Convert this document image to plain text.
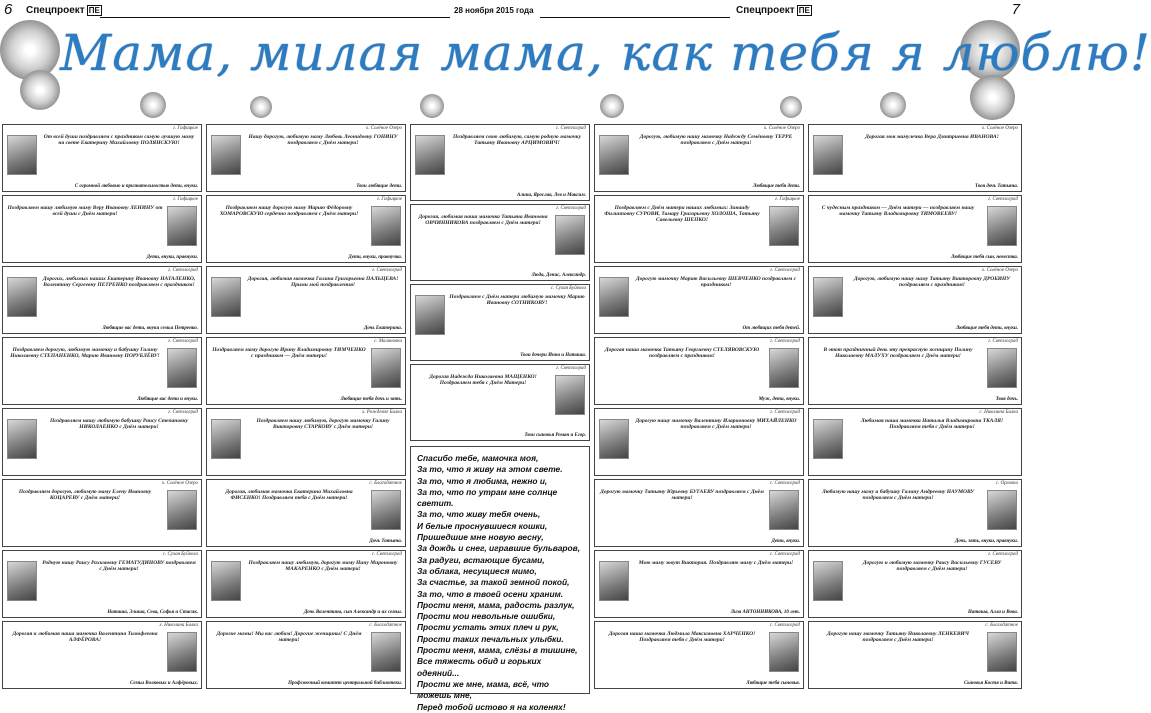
6 Спецпроект ПЕ	28 ноября 2015 года	Спецпроект ПЕ	7
Мама, милая мама, как тебя я люблю!
г. Гафицкое
От всей души поздравляем с праздником самую лучшую маму на свете Екатерину Михайловну ПОЛЯНСКУЮ!
С огромной любовью и признательностью дети, внуки.
г. Гафицкое
Поздравляем нашу любимую маму Веру Ивановну ЛЕНИНУ от всей души с Днём матери!
Дети, внуки, правнуки.
г. Светлоград
Дорогих, любимых наших Екатерину Ивановну НАТАЛЕНКО, Валентину Сергеевну ПЕТРЕНКО поздравляем с праздником!
Любящие вас дети, внуки семьи Петренко.
г. Светлоград
Поздравляем дорогую, любимую мамочку и бабушку Галину Николаевну СТЕПАНЕНКО, Марию Ивановну ПОРУБЛЁВУ!
Любящие вас дети и внуки.
г. Светлоград
Поздравляем нашу любимую бабушку Раису Степановну НИКОЛАЕНКО с Днём матери!
х. Солёное Озеро
Поздравляем дорогую, любимую маму Елену Ивановну КОЦАРЕВУ с Днём матери!
с. Сухая Буйвола
Родную нашу Раису Рахимовну ГЕМАТУДИНОВУ поздравляем с Днём матери!
Наташа, Элиша, Сева, Софья и Стасик.
х. Николина Балка
Дорогая и любимая наша мамочка Валентина Тимофеевна АЛФЁРОВА!
Семьи Волковых и Алфёровых.
х. Солёное Озеро
Нашу дорогую, любимую маму Любовь Леонидовну ГОНИНУ поздравляем с Днём матери!
Твои любящие дети.
г. Гафицкое
Поздравляем нашу дорогую маму Марию Фёдоровну ХОМАРОВСКУЮ сердечно поздравляем с Днём матери!
Дети, внуки, правнучка.
г. Светлоград
Дорогая, любимая мамочка Галина Григорьевна ПАЛЬЦЕВА! Прими мой поздравления!
Дочь Екатерина.
с. Малиновка
Поздравляем маму дорогую Ирину Владимировну ТИМЧЕНКО с праздником — Днём матери!
Любящие тебя дочь и зять.
х. Рождевое Балка
Поздравляем нашу любимую, дорогую мамочку Галину Викторовну СТАРКОВУ с Днём матери!
с. Благодатное
Дорогая, любимая мамочка Екатерина Михайловна ФИСЕНКО! Поздравляем тебя с Днём матери!
Дочь Татьяна.
с. Светлоград
Поздравляем нашу любимую, дорогую маму Нину Мироновну МАКАРЕНКО с Днём матери!
Дочь Валентина, сын Александр и их семьи.
с. Благодатное
Дорогие мамы! Мы вас любим! Дорогие женщины! С Днём матери!
Профсоюзный комитет центральной библиотеки.
с. Светлоград
Поздравляем свою любимую, самую родную мамочку Татьяну Ивановну АРЦИМОВИЧ!
Алина, Ярослав, Лев и Максим.
г. Светлоград
Дорогая, любимая наша мамочка Татьяна Ивановна ОВЧИННИКОВА поздравляем с Днём матери!
Люда, Денис, Александр.
с. Сухая Буйвола
Поздравляем с Днём матери любимую мамочку Марию Ивановну СОТНИКОВУ!
Твои дочери Инна и Наташа.
г. Светлоград
Дорогая Надежда Николаевна МАЩЕНКО! Поздравляем тебя с Днём Матери!
Твои сыновья Роман и Егор.
Спасибо тебе, мамочка моя,
За то, что я живу на этом свете.
За то, что я любима, нежно и,
За то, что по утрам мне солнце светит.
За то, что живу тебя очень,
И белые проснувшиеся кошки,
Пришедшие мне новую весну,
За дождь и снег, игравшие бульваров,
За радуги, встающие бусами,
За облака, несущиеся мимо,
За счастье, за такой земной покой,
За то, что в твоей осени храним.
Прости меня, мама, радость разлук,
Прости мои невольные ошибки,
Прости устать этих плеч и рук,
Прости таких печальных улыбки.
Прости меня, мама, слёзы в тишине,
Все тяжесть обид и горьких одеяний...
Прости же мне, мама, всё, что можешь мне,
Перед тобой истово я на коленях!
х. Солёное Озеро
Дорогую, любимую нашу мамочку Надежду Семёновну ТЕРРЕ поздравляем с Днём матери!
Любящие тебя дети.
г. Гафицкое
Поздравляем с Днём матери наших любимых: Зинаиду Филипповну СУРОВИ, Тамару Григорьевну ХОЛОША, Татьяну Савельевну ШЕПКО!
г. Светлоград
Дорогую мамочку Марию Васильевну ШЕВЧЕНКО поздравляем с праздником!
От любящих тебя детей.
г. Светлоград
Дорогая наша мамочка Татьяну Георгиевну СТЕЛЯВОВСКУЮ поздравляем с праздником!
Муж, дети, внуки.
г. Светлоград
Дорогую нашу мамочку Валентину Иларионовну МИХАЙЛЕНКО поздравляем с Днём матери!
с. Светлоград
Дорогую мамочку Татьяну Юрьевну БУГАЕВУ поздравляем с Днём матери!
Дети, внуки.
с. Светлоград
Мою маму зовут Виктория. Поздравляю маму с Днём матери!
Лиза АНТОННИКОВА, 10 лет.
с. Светлоград
Дорогая наша мамочка Людмила Максимовна ХАРЧЕНКО! Поздравляем тебя с Днём матери!
Любящие тебя сыновья.
х. Солёное Озеро
Дорогая моя мамулечка Вера Дмитриевна ИВАНОВА!
Твоя дочь Татьяна.
г. Светлоград
С чудесным праздником — Днём матери — поздравляем нашу мамочку Татьяну Владимировну ТИМОВЕЕВУ!
Любящие тебя сын, невестка.
х. Солёное Озеро
Дорогую, любимую нашу маму Татьяну Викторовну ДРОБИНУ поздравляем с праздником!
Любящие тебя дети, внуки.
г. Светлоград
В этот праздничный день эту прекрасную женщину Полину Николаевну МАЛУХУ поздравляем с Днём матери!
Твоя дочь.
с. Николина Балка
Любимая наша мамочка Наталья Владимировна ТКАЛЯ! Поздравляем тебя с Днём матери!
с. Орловка
Любимую нашу маму и бабушку Галину Андреевну НАУМОВУ поздравляем с Днём матери!
Дочь, зять, внуки, правнуки.
г. Светлоград
Дорогую и любимую мамочку Раису Васильевну ГУСЕВУ поздравляем с Днём матери!
Наташа, Алла и Вова.
с. Благодатное
Дорогую нашу мамочку Татьяну Николаевну ЛЕНКЕВИЧ поздравляем с Днём матери!
Сыновья Костя и Витя.
